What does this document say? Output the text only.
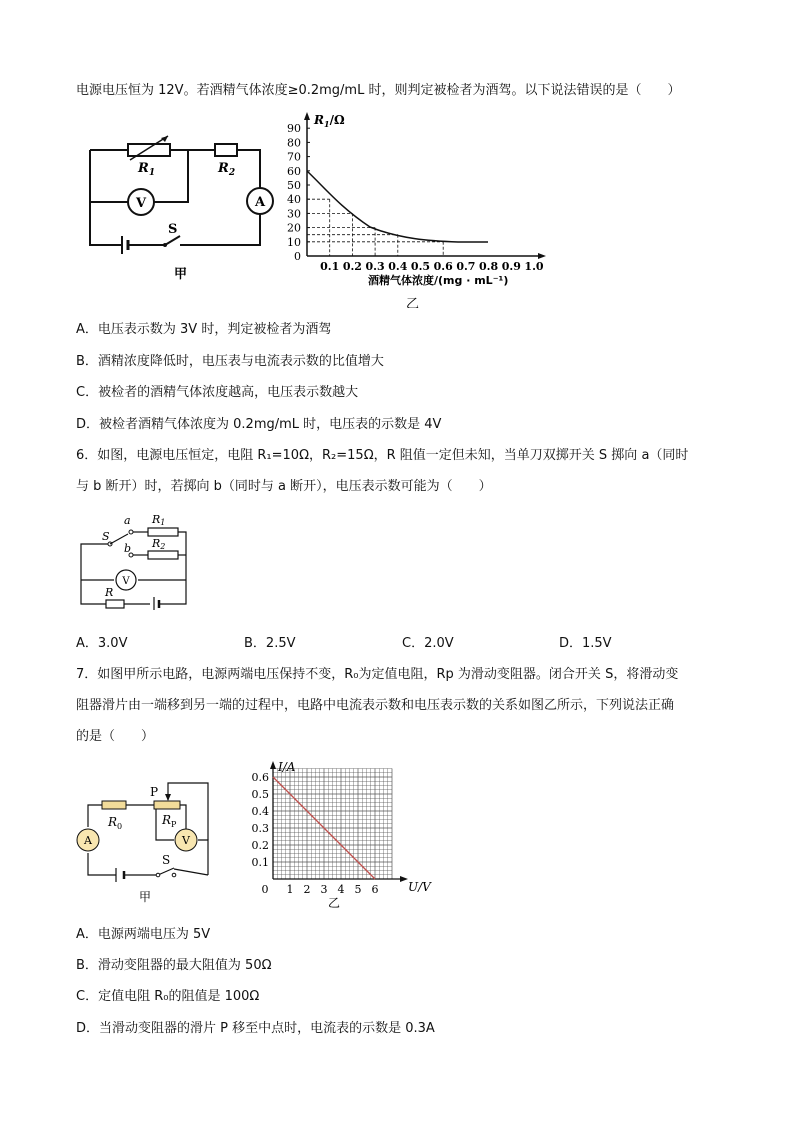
电源电压恒为 12V。若酒精气体浓度≥0.2mg/mL 时，则判定被检者为酒驾。以下说法错误的是（　　）
$R_1$	$R_2$
V	A
S
甲
0
10
20
30
40
50
60
70
80
90
0.1 0.2 0.3 0.4 0.5 0.6 0.7 0.8 0.9 1.0
$R_1/\Omega$
酒精气体浓度/(mg · mL⁻¹)
乙
A．电压表示数为 3V 时，判定被检者为酒驾
B．酒精浓度降低时，电压表与电流表示数的比值增大
C．被检者的酒精气体浓度越高，电压表示数越大
D．被检者酒精气体浓度为 0.2mg/mL 时，电压表的示数是 4V
6．如图，电源电压恒定，电阻 R₁=10Ω，R₂=15Ω，R 阻值一定但未知，当单刀双掷开关 S 掷向 a（同时
与 b 断开）时，若掷向 b（同时与 a 断开），电压表示数可能为（　　）
a
b
S
R1
R2
R
V
A．3.0V	B．2.5V	C．2.0V	D．1.5V
7．如图甲所示电路，电源两端电压保持不变，R₀为定值电阻，Rp 为滑动变阻器。闭合开关 S，将滑动变
阻器滑片由一端移到另一端的过程中，电路中电流表示数和电压表示数的关系如图乙所示，下列说法正确
的是（　　）
P
$R_0$	$R_P$
A	V
S
甲
0.1
0.2
0.3
0.4
0.5
0.6
0 1 2 3 4 5 6
I/A
U/V
乙
A．电源两端电压为 5V
B．滑动变阻器的最大阻值为 50Ω
C．定值电阻 R₀的阻值是 100Ω
D．当滑动变阻器的滑片 P 移至中点时，电流表的示数是 0.3A
